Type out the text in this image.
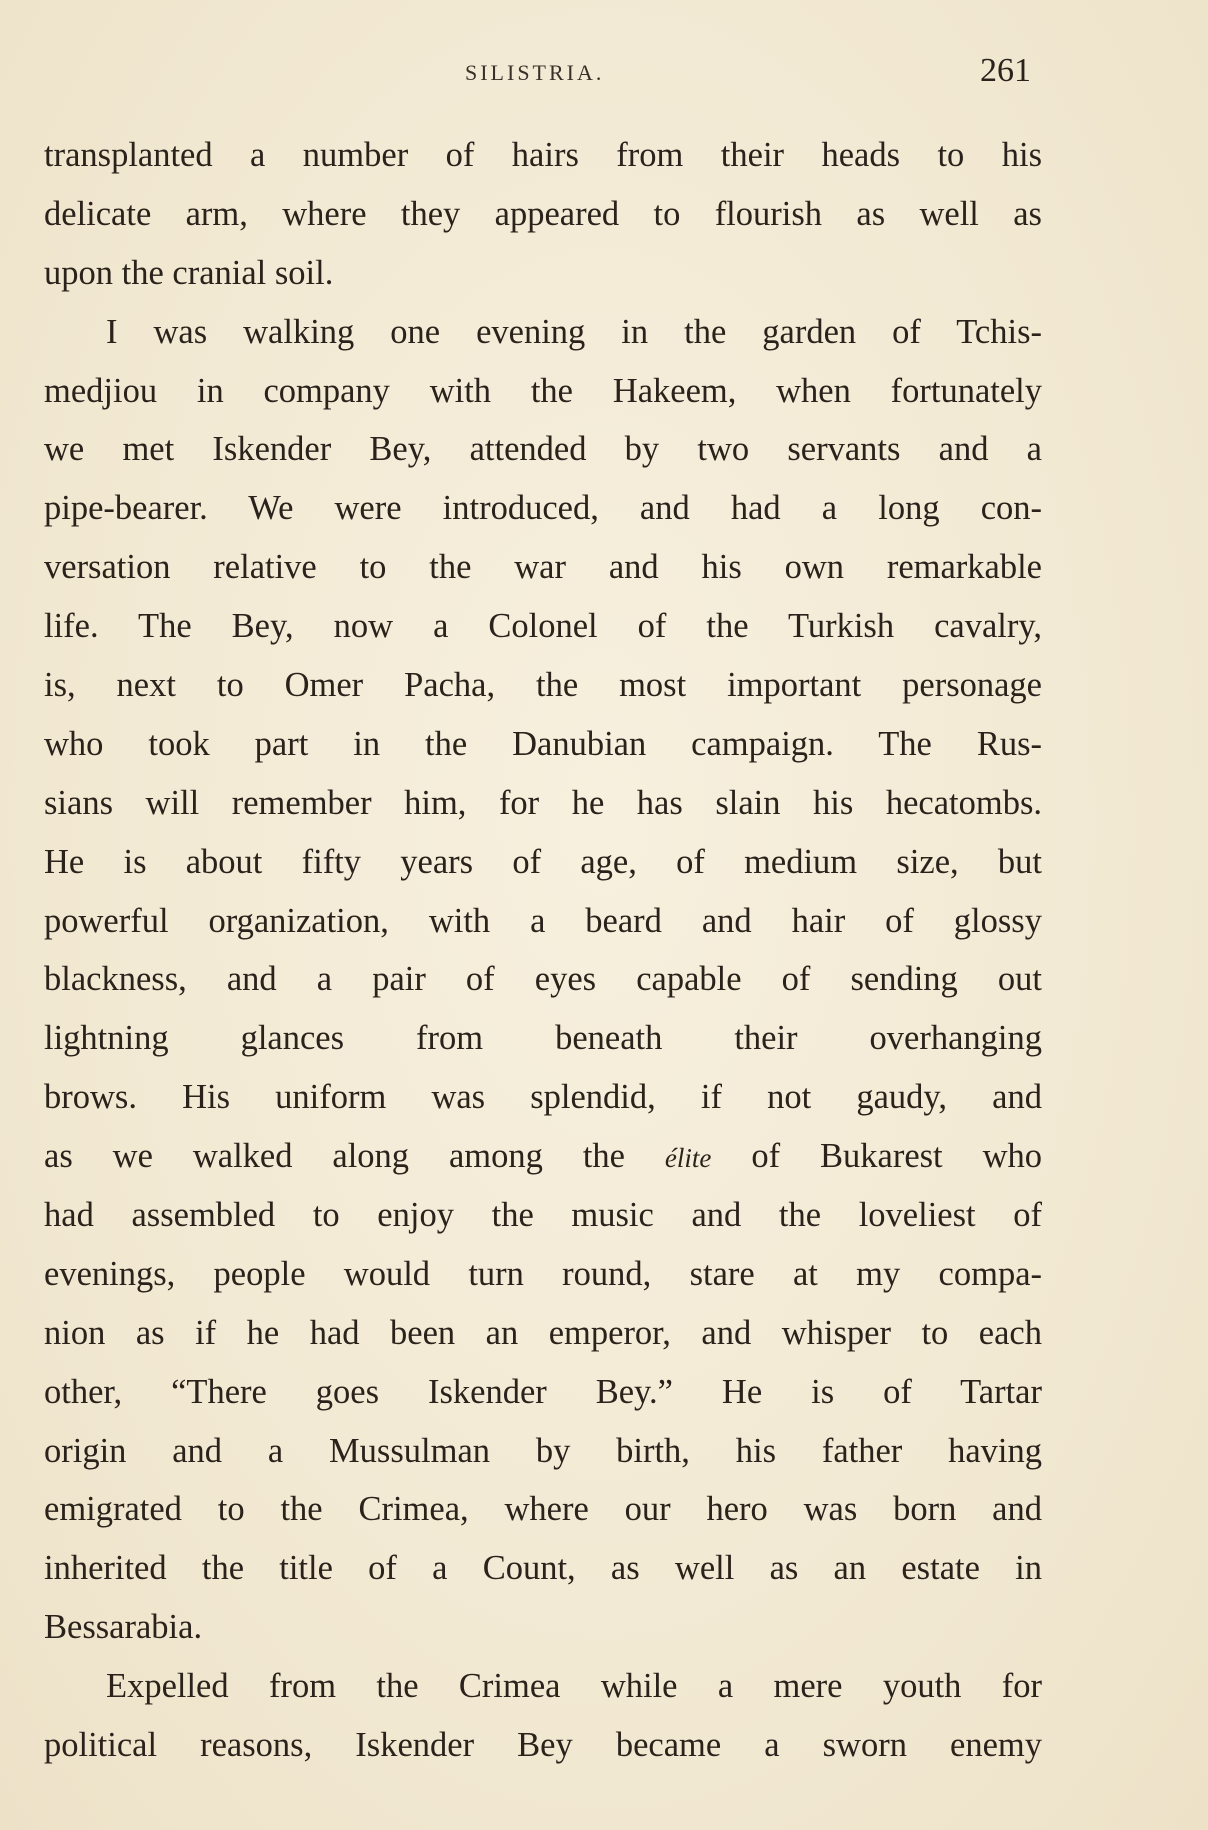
SILISTRIA.	261
transplanted a number of hairs from their heads to his
delicate arm, where they appeared to flourish as well as
upon the cranial soil.
I was walking one evening in the garden of Tchis-
medjiou in company with the Hakeem, when fortunately
we met Iskender Bey, attended by two servants and a
pipe-bearer. We were introduced, and had a long con-
versation relative to the war and his own remarkable
life. The Bey, now a Colonel of the Turkish cavalry,
is, next to Omer Pacha, the most important personage
who took part in the Danubian campaign. The Rus-
sians will remember him, for he has slain his hecatombs.
He is about fifty years of age, of medium size, but
powerful organization, with a beard and hair of glossy
blackness, and a pair of eyes capable of sending out
lightning glances from beneath their overhanging
brows. His uniform was splendid, if not gaudy, and
as we walked along among the élite of Bukarest who
had assembled to enjoy the music and the loveliest of
evenings, people would turn round, stare at my compa-
nion as if he had been an emperor, and whisper to each
other, “There goes Iskender Bey.” He is of Tartar
origin and a Mussulman by birth, his father having
emigrated to the Crimea, where our hero was born and
inherited the title of a Count, as well as an estate in
Bessarabia.
Expelled from the Crimea while a mere youth for
political reasons, Iskender Bey became a sworn enemy
